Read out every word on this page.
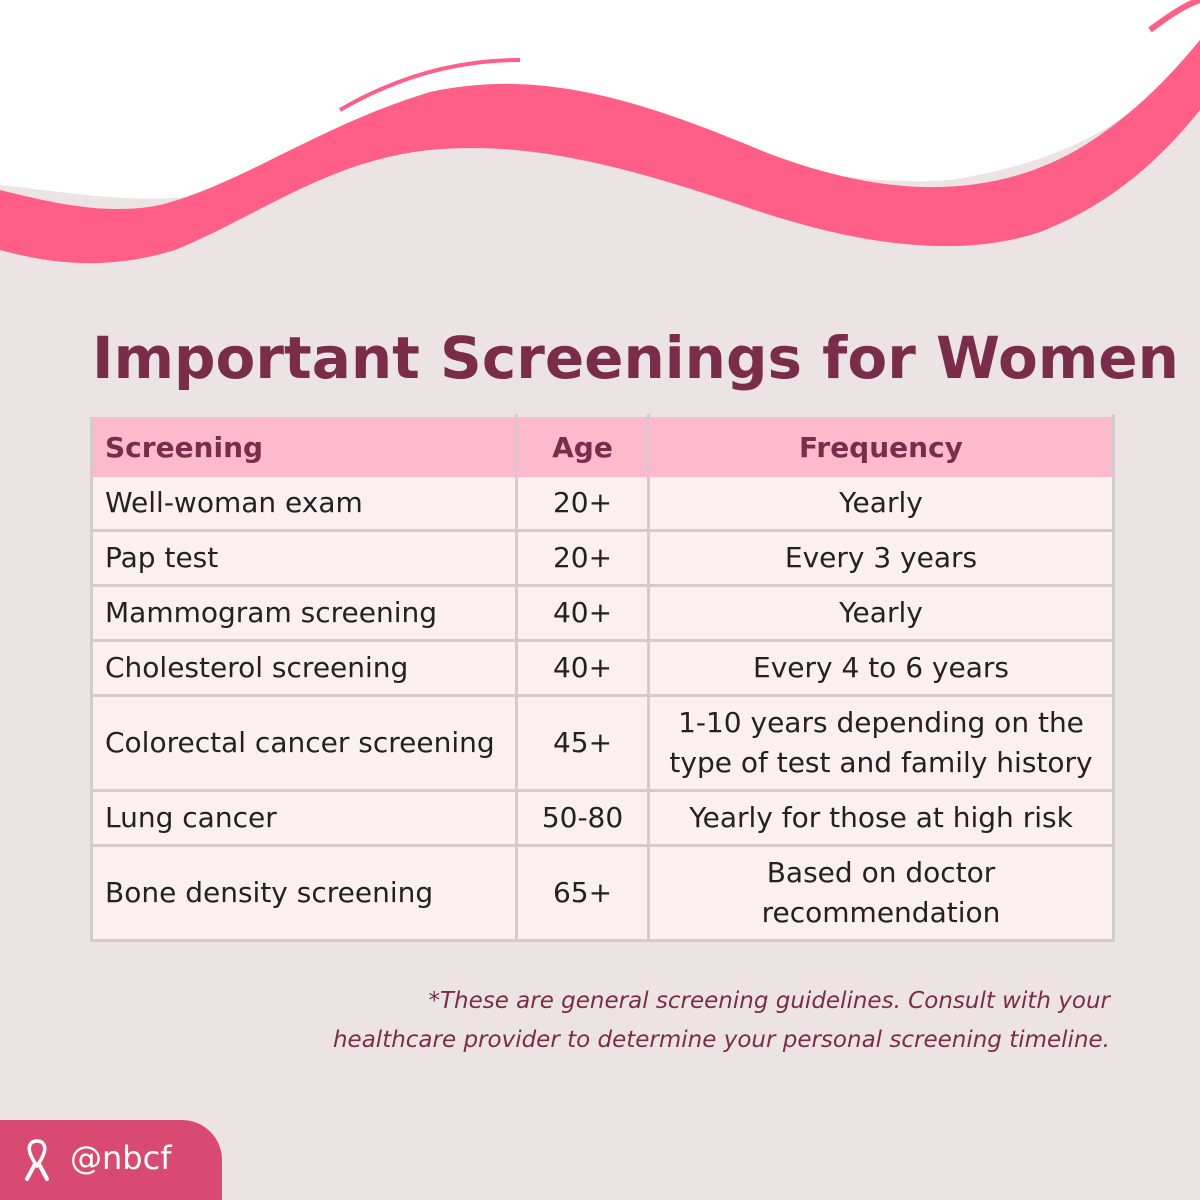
Important Screenings for Women
Screening	Age	Frequency
Well-woman exam	20+	Yearly
Pap test	20+	Every 3 years
Mammogram screening	40+	Yearly
Cholesterol screening	40+	Every 4 to 6 years
Colorectal cancer screening	45+	1-10 years depending on the type of test and family history
Lung cancer	50-80	Yearly for those at high risk
Bone density screening	65+	Based on doctor recommendation

*These are general screening guidelines. Consult with your
healthcare provider to determine your personal screening timeline.

@nbcf
